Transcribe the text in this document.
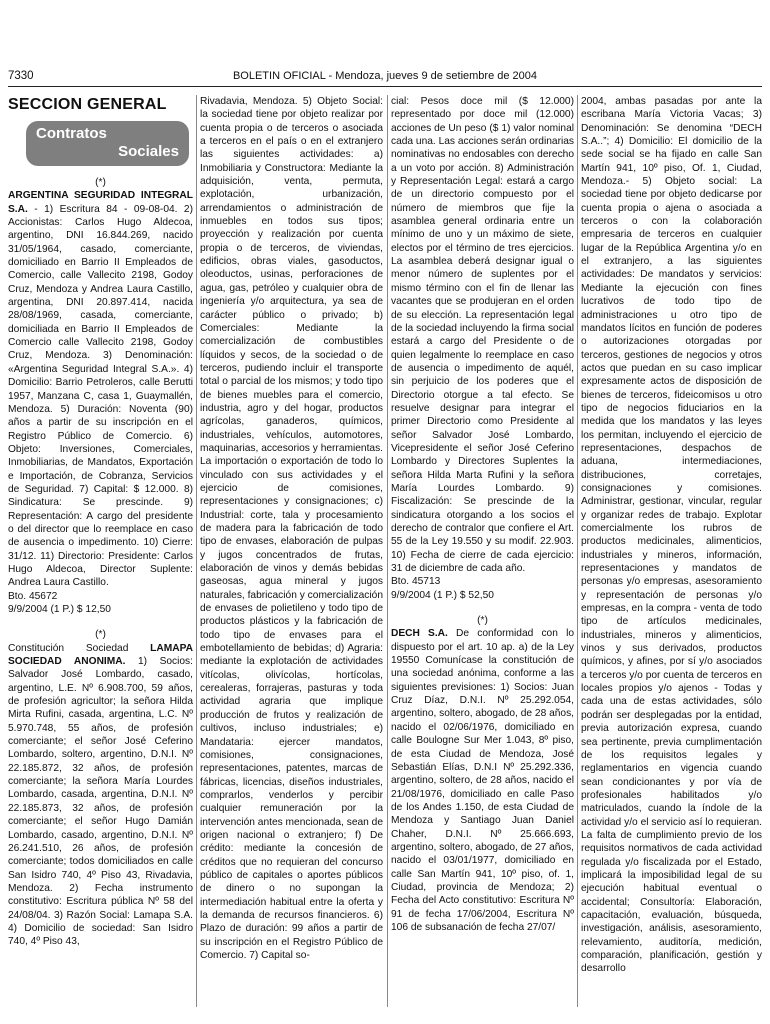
7330	BOLETIN OFICIAL - Mendoza, jueves 9 de setiembre de 2004
SECCION GENERAL
Contratos
Sociales

(*)

ARGENTINA SEGURIDAD INTEGRAL S.A. - 1) Escritura 84 - 09-08-04. 2) Accionistas: Carlos Hugo Aldecoa, argentino, DNI 16.844.269, nacido 31/05/1964, casado, comerciante, domiciliado en Barrio II Empleados de Comercio, calle Vallecito 2198, Godoy Cruz, Mendoza y Andrea Laura Castillo, argentina, DNI 20.897.414, nacida 28/08/1969, casada, comerciante, domiciliada en Barrio II Empleados de Comercio calle Vallecito 2198, Godoy Cruz, Mendoza. 3) Denominación: «Argentina Seguridad Integral S.A.». 4) Domicilio: Barrio Petroleros, calle Berutti 1957, Manzana C, casa 1, Guaymallén, Mendoza. 5) Duración: Noventa (90) años a partir de su inscripción en el Registro Público de Comercio. 6) Objeto: Inversiones, Comerciales, Inmobiliarias, de Mandatos, Exportación e Importación, de Cobranza, Servicios de Seguridad. 7) Capital: $ 12.000. 8) Sindicatura: Se prescinde. 9) Representación: A cargo del presidente o del director que lo reemplace en caso de ausencia o impedimento. 10) Cierre: 31/12. 11) Directorio: Presidente: Carlos Hugo Aldecoa, Director Suplente: Andrea Laura Castillo.

Bto. 45672

9/9/2004 (1 P.) $ 12,50

(*)

Constitución Sociedad LAMAPA SOCIEDAD ANONIMA. 1) Socios: Salvador José Lombardo, casado, argentino, L.E. Nº 6.908.700, 59 años, de profesión agricultor; la señora Hilda Mirta Rufini, casada, argentina, L.C. Nº 5.970.748, 55 años, de profesión comerciante; el señor José Ceferino Lombardo, soltero, argentino, D.N.I. Nº 22.185.872, 32 años, de profesión comerciante; la señora María Lourdes Lombardo, casada, argentina, D.N.I. Nº 22.185.873, 32 años, de profesión comerciante; el señor Hugo Damián Lombardo, casado, argentino, D.N.I. Nº 26.241.510, 26 años, de profesión comerciante; todos domiciliados en calle San Isidro 740, 4º Piso 43, Rivadavia, Mendoza. 2) Fecha instrumento constitutivo: Escritura pública Nº 58 del 24/08/04. 3) Razón Social: Lamapa S.A. 4) Domicilio de sociedad: San Isidro 740, 4º Piso 43,

Rivadavia, Mendoza. 5) Objeto Social: la sociedad tiene por objeto realizar por cuenta propia o de terceros o asociada a terceros en el país o en el extranjero las siguientes actividades: a) Inmobiliaria y Constructora: Mediante la adquisición, venta, permuta, explotación, urbanización, arrendamientos o administración de inmuebles en todos sus tipos; proyección y realización por cuenta propia o de terceros, de viviendas, edificios, obras viales, gasoductos, oleoductos, usinas, perforaciones de agua, gas, petróleo y cualquier obra de ingeniería y/o arquitectura, ya sea de carácter público o privado; b) Comerciales: Mediante la comercialización de combustibles líquidos y secos, de la sociedad o de terceros, pudiendo incluir el transporte total o parcial de los mismos; y todo tipo de bienes muebles para el comercio, industria, agro y del hogar, productos agrícolas, ganaderos, químicos, industriales, vehículos, automotores, maquinarias, accesorios y herramientas. La importación o exportación de todo lo vinculado con sus actividades y el ejercicio de comisiones, representaciones y consignaciones; c) Industrial: corte, tala y procesamiento de madera para la fabricación de todo tipo de envases, elaboración de pulpas y jugos concentrados de frutas, elaboración de vinos y demás bebidas gaseosas, agua mineral y jugos naturales, fabricación y comercialización de envases de polietileno y todo tipo de productos plásticos y la fabricación de todo tipo de envases para el embotellamiento de bebidas; d) Agraria: mediante la explotación de actividades vitícolas, olivícolas, hortícolas, cerealeras, forrajeras, pasturas y toda actividad agraria que implique producción de frutos y realización de cultivos, incluso industriales; e) Mandataria: ejercer mandatos, comisiones, consignaciones, representaciones, patentes, marcas de fábricas, licencias, diseños industriales, comprarlos, venderlos y percibir cualquier remuneración por la intervención antes mencionada, sean de origen nacional o extranjero; f) De crédito: mediante la concesión de créditos que no requieran del concurso público de capitales o aportes públicos de dinero o no supongan la intermediación habitual entre la oferta y la demanda de recursos financieros. 6) Plazo de duración: 99 años a partir de su inscripción en el Registro Público de Comercio. 7) Capital so-

cial: Pesos doce mil ($ 12.000) representado por doce mil (12.000) acciones de Un peso ($ 1) valor nominal cada una. Las acciones serán ordinarias nominativas no endosables con derecho a un voto por acción. 8) Administración y Representación Legal: estará a cargo de un directorio compuesto por el número de miembros que fije la asamblea general ordinaria entre un mínimo de uno y un máximo de siete, electos por el término de tres ejercicios. La asamblea deberá designar igual o menor número de suplentes por el mismo término con el fin de llenar las vacantes que se produjeran en el orden de su elección. La representación legal de la sociedad incluyendo la firma social estará a cargo del Presidente o de quien legalmente lo reemplace en caso de ausencia o impedimento de aquél, sin perjuicio de los poderes que el Directorio otorgue a tal efecto. Se resuelve designar para integrar el primer Directorio como Presidente al señor Salvador José Lombardo, Vicepresidente el señor José Ceferino Lombardo y Directores Suplentes la señora Hilda Marta Rufini y la señora María Lourdes Lombardo. 9) Fiscalización: Se prescinde de la sindicatura otorgando a los socios el derecho de contralor que confiere el Art. 55 de la Ley 19.550 y su modif. 22.903. 10) Fecha de cierre de cada ejercicio: 31 de diciembre de cada año.

Bto. 45713

9/9/2004 (1 P.) $ 52,50

(*)

DECH S.A. De conformidad con lo dispuesto por el art. 10 ap. a) de la Ley 19550 Comunícase la constitución de una sociedad anónima, conforme a las siguientes previsiones: 1) Socios: Juan Cruz Díaz, D.N.I. Nº 25.292.054, argentino, soltero, abogado, de 28 años, nacido el 02/06/1976, domiciliado en calle Boulogne Sur Mer 1.043, 8º piso, de esta Ciudad de Mendoza, José Sebastián Elías, D.N.I Nº 25.292.336, argentino, soltero, de 28 años, nacido el 21/08/1976, domiciliado en calle Paso de los Andes 1.150, de esta Ciudad de Mendoza y Santiago Juan Daniel Chaher, D.N.I. Nº 25.666.693, argentino, soltero, abogado, de 27 años, nacido el 03/01/1977, domiciliado en calle San Martín 941, 10º piso, of. 1, Ciudad, provincia de Mendoza; 2) Fecha del Acto constitutivo: Escritura Nº 91 de fecha 17/06/2004, Escritura Nº 106 de subsanación de fecha 27/07/

2004, ambas pasadas por ante la escribana María Victoria Vacas; 3) Denominación: Se denomina “DECH S.A..”; 4) Domicilio: El domicilio de la sede social se ha fijado en calle San Martín 941, 10º piso, Of. 1, Ciudad, Mendoza.- 5) Objeto social: La sociedad tiene por objeto dedicarse por cuenta propia o ajena o asociada a terceros o con la colaboración empresaria de terceros en cualquier lugar de la República Argentina y/o en el extranjero, a las siguientes actividades: De mandatos y servicios: Mediante la ejecución con fines lucrativos de todo tipo de administraciones u otro tipo de mandatos lícitos en función de poderes o autorizaciones otorgadas por terceros, gestiones de negocios y otros actos que puedan en su caso implicar expresamente actos de disposición de bienes de terceros, fideicomisos u otro tipo de negocios fiduciarios en la medida que los mandatos y las leyes los permitan, incluyendo el ejercicio de representaciones, despachos de aduana, intermediaciones, distribuciones, corretajes, consignaciones y comisiones. Administrar, gestionar, vincular, regular y organizar redes de trabajo. Explotar comercialmente los rubros de productos medicinales, alimenticios, industriales y mineros, información, representaciones y mandatos de personas y/o empresas, asesoramiento y representación de personas y/o empresas, en la compra - venta de todo tipo de artículos medicinales, industriales, mineros y alimenticios, vinos y sus derivados, productos químicos, y afines, por sí y/o asociados a terceros y/o por cuenta de terceros en locales propios y/o ajenos - Todas y cada una de estas actividades, sólo podrán ser desplegadas por la entidad, previa autorización expresa, cuando sea pertinente, previa cumplimentación de los requisitos legales y reglamentarios en vigencia cuando sean condicionantes y por vía de profesionales habilitados y/o matriculados, cuando la índole de la actividad y/o el servicio así lo requieran. La falta de cumplimiento previo de los requisitos normativos de cada actividad regulada y/o fiscalizada por el Estado, implicará la imposibilidad legal de su ejecución habitual eventual o accidental; Consultoría: Elaboración, capacitación, evaluación, búsqueda, investigación, análisis, asesoramiento, relevamiento, auditoría, medición, comparación, planificación, gestión y desarrollo
